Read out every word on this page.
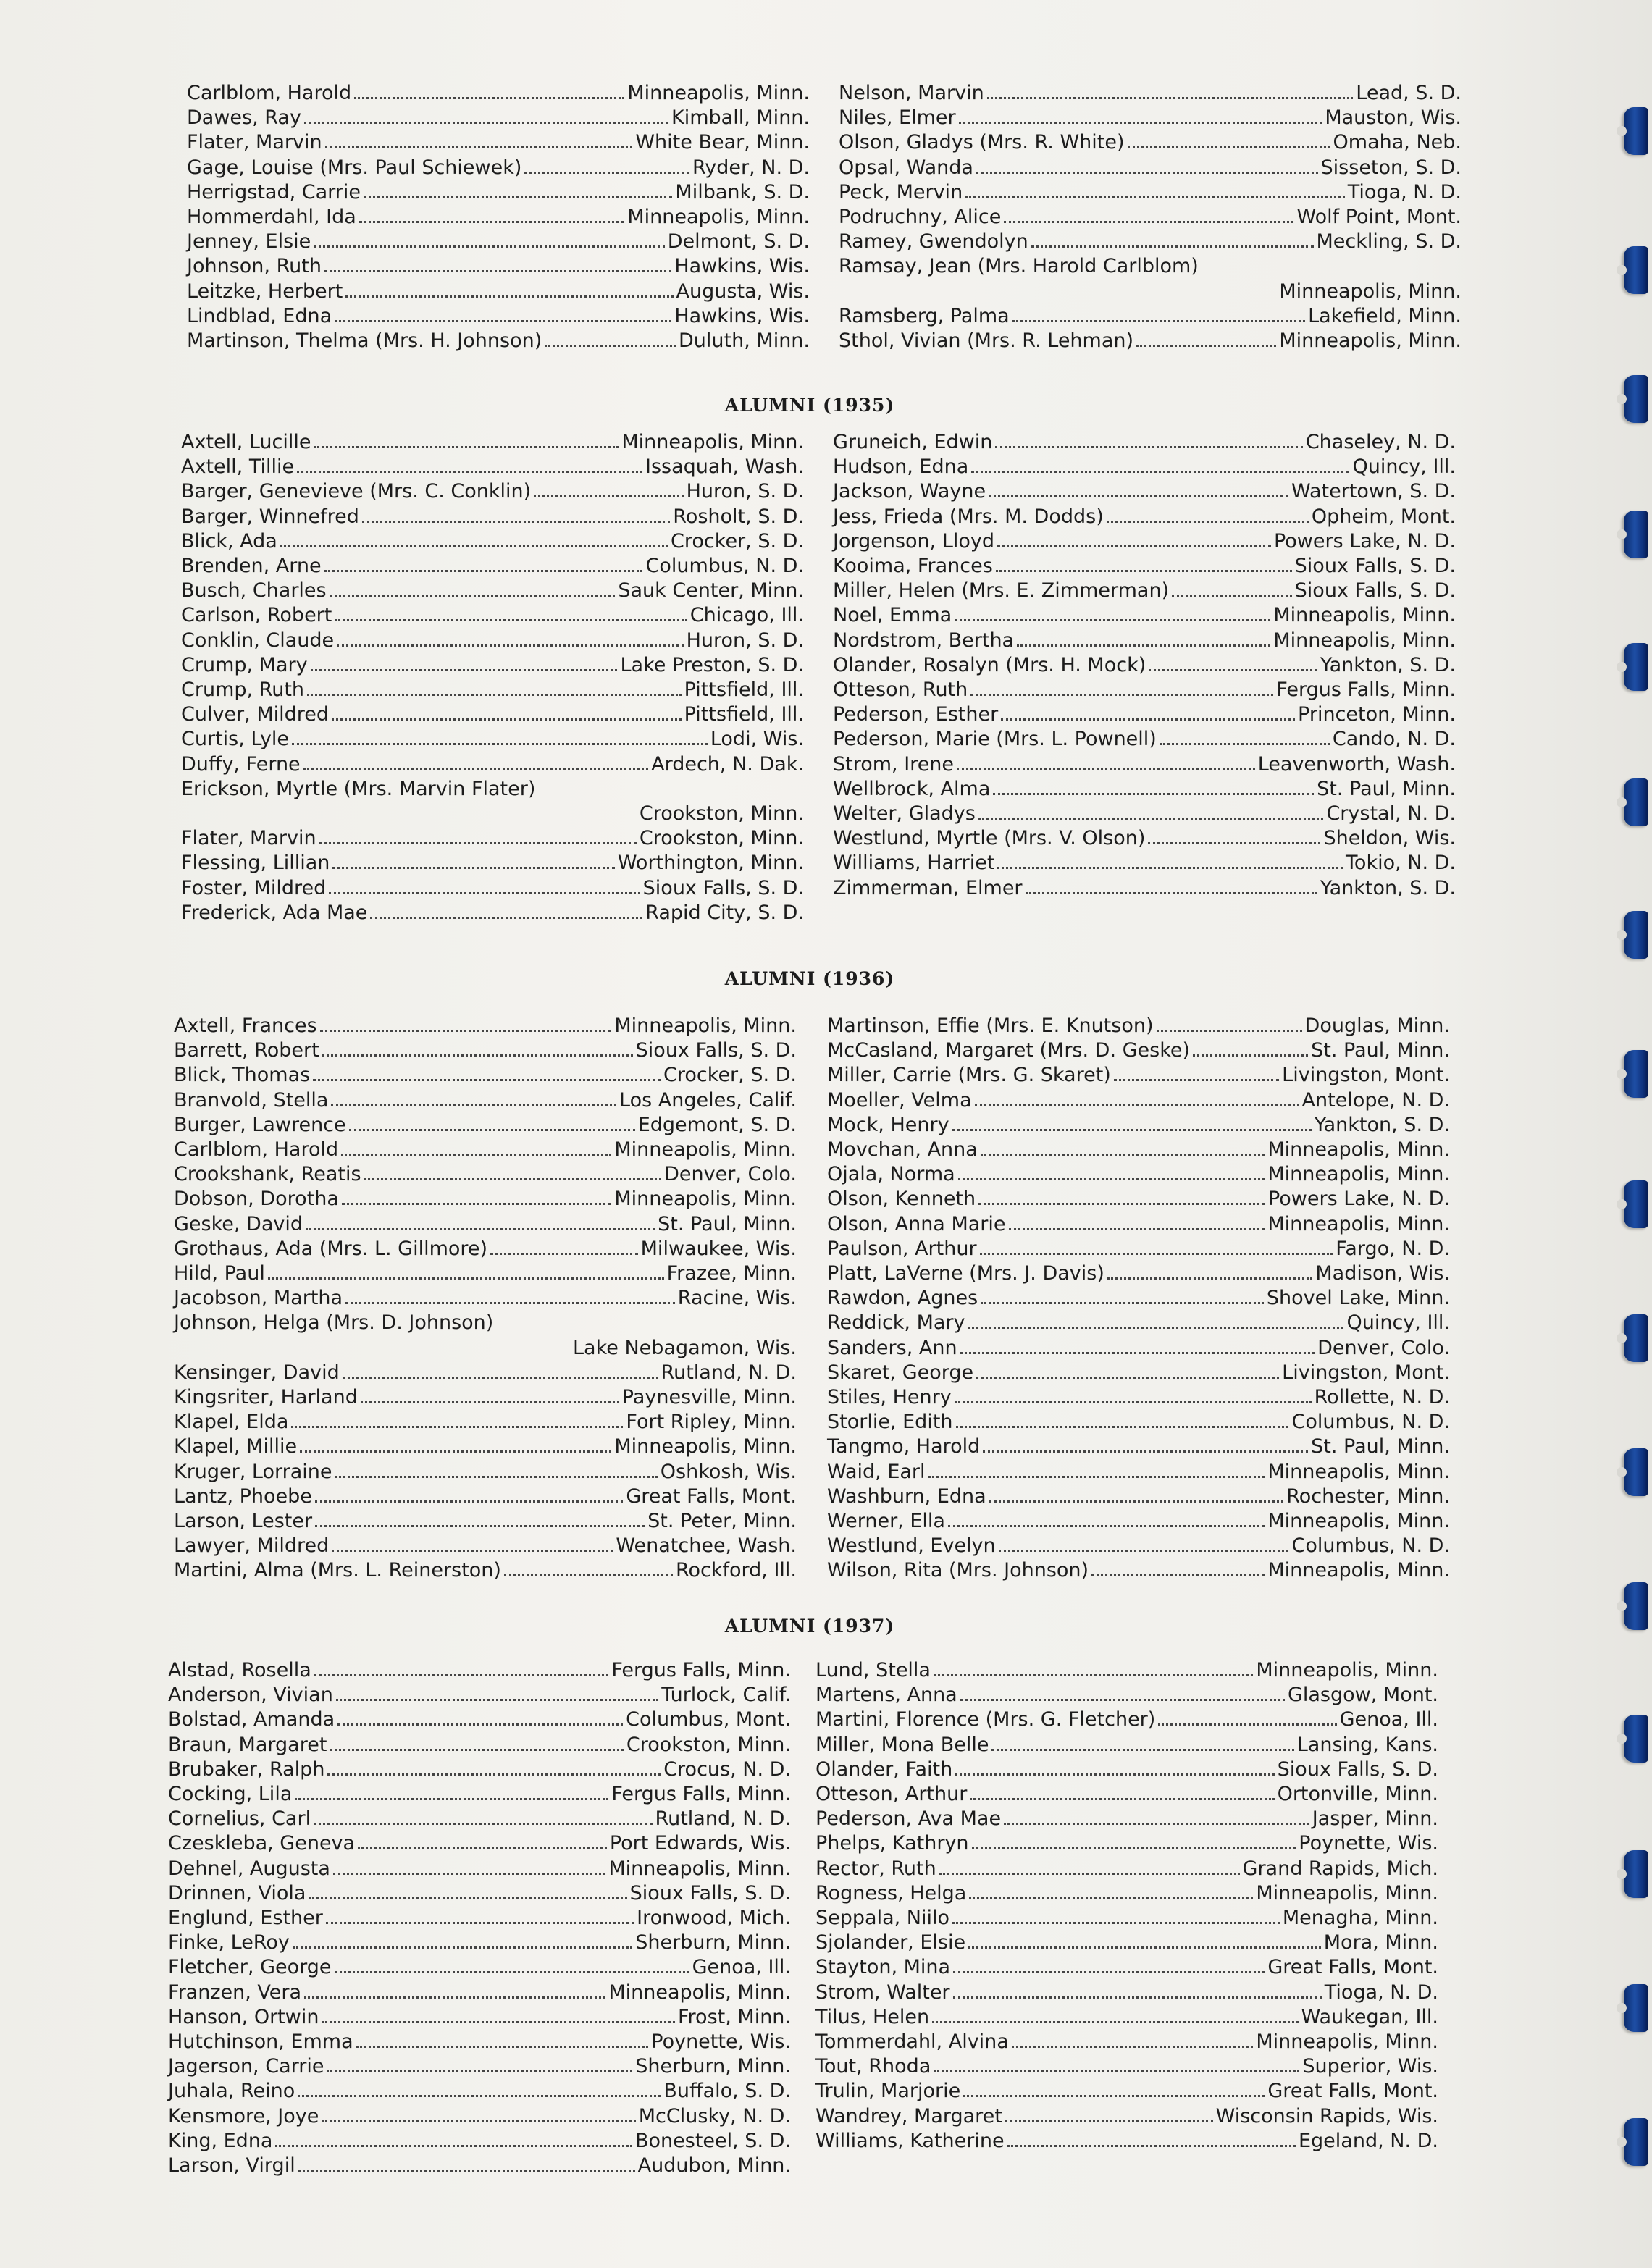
Carlblom, Harold	Minneapolis, Minn.
Dawes, Ray	Kimball, Minn.
Flater, Marvin	White Bear, Minn.
Gage, Louise (Mrs. Paul Schiewek)	Ryder, N. D.
Herrigstad, Carrie	Milbank, S. D.
Hommerdahl, Ida	Minneapolis, Minn.
Jenney, Elsie	Delmont, S. D.
Johnson, Ruth	Hawkins, Wis.
Leitzke, Herbert	Augusta, Wis.
Lindblad, Edna	Hawkins, Wis.
Martinson, Thelma (Mrs. H. Johnson)	Duluth, Minn.
Nelson, Marvin	Lead, S. D.
Niles, Elmer	Mauston, Wis.
Olson, Gladys (Mrs. R. White)	Omaha, Neb.
Opsal, Wanda	Sisseton, S. D.
Peck, Mervin	Tioga, N. D.
Podruchny, Alice	Wolf Point, Mont.
Ramey, Gwendolyn	Meckling, S. D.
Ramsay, Jean (Mrs. Harold Carlblom)
Minneapolis, Minn.
Ramsberg, Palma	Lakefield, Minn.
Sthol, Vivian (Mrs. R. Lehman)	Minneapolis, Minn.
ALUMNI (1935)
Axtell, Lucille	Minneapolis, Minn.
Axtell, Tillie	Issaquah, Wash.
Barger, Genevieve (Mrs. C. Conklin)	Huron, S. D.
Barger, Winnefred	Rosholt, S. D.
Blick, Ada	Crocker, S. D.
Brenden, Arne	Columbus, N. D.
Busch, Charles	Sauk Center, Minn.
Carlson, Robert	Chicago, Ill.
Conklin, Claude	Huron, S. D.
Crump, Mary	Lake Preston, S. D.
Crump, Ruth	Pittsfield, Ill.
Culver, Mildred	Pittsfield, Ill.
Curtis, Lyle	Lodi, Wis.
Duffy, Ferne	Ardech, N. Dak.
Erickson, Myrtle (Mrs. Marvin Flater)
Crookston, Minn.
Flater, Marvin	Crookston, Minn.
Flessing, Lillian	Worthington, Minn.
Foster, Mildred	Sioux Falls, S. D.
Frederick, Ada Mae	Rapid City, S. D.
Gruneich, Edwin	Chaseley, N. D.
Hudson, Edna	Quincy, Ill.
Jackson, Wayne	Watertown, S. D.
Jess, Frieda (Mrs. M. Dodds)	Opheim, Mont.
Jorgenson, Lloyd	Powers Lake, N. D.
Kooima, Frances	Sioux Falls, S. D.
Miller, Helen (Mrs. E. Zimmerman)	Sioux Falls, S. D.
Noel, Emma	Minneapolis, Minn.
Nordstrom, Bertha	Minneapolis, Minn.
Olander, Rosalyn (Mrs. H. Mock)	Yankton, S. D.
Otteson, Ruth	Fergus Falls, Minn.
Pederson, Esther	Princeton, Minn.
Pederson, Marie (Mrs. L. Pownell)	Cando, N. D.
Strom, Irene	Leavenworth, Wash.
Wellbrock, Alma	St. Paul, Minn.
Welter, Gladys	Crystal, N. D.
Westlund, Myrtle (Mrs. V. Olson)	Sheldon, Wis.
Williams, Harriet	Tokio, N. D.
Zimmerman, Elmer	Yankton, S. D.
ALUMNI (1936)
Axtell, Frances	Minneapolis, Minn.
Barrett, Robert	Sioux Falls, S. D.
Blick, Thomas	Crocker, S. D.
Branvold, Stella	Los Angeles, Calif.
Burger, Lawrence	Edgemont, S. D.
Carlblom, Harold	Minneapolis, Minn.
Crookshank, Reatis	Denver, Colo.
Dobson, Dorotha	Minneapolis, Minn.
Geske, David	St. Paul, Minn.
Grothaus, Ada (Mrs. L. Gillmore)	Milwaukee, Wis.
Hild, Paul	Frazee, Minn.
Jacobson, Martha	Racine, Wis.
Johnson, Helga (Mrs. D. Johnson)
Lake Nebagamon, Wis.
Kensinger, David	Rutland, N. D.
Kingsriter, Harland	Paynesville, Minn.
Klapel, Elda	Fort Ripley, Minn.
Klapel, Millie	Minneapolis, Minn.
Kruger, Lorraine	Oshkosh, Wis.
Lantz, Phoebe	Great Falls, Mont.
Larson, Lester	St. Peter, Minn.
Lawyer, Mildred	Wenatchee, Wash.
Martini, Alma (Mrs. L. Reinerston)	Rockford, Ill.
Martinson, Effie (Mrs. E. Knutson)	Douglas, Minn.
McCasland, Margaret (Mrs. D. Geske)	St. Paul, Minn.
Miller, Carrie (Mrs. G. Skaret)	Livingston, Mont.
Moeller, Velma	Antelope, N. D.
Mock, Henry	Yankton, S. D.
Movchan, Anna	Minneapolis, Minn.
Ojala, Norma	Minneapolis, Minn.
Olson, Kenneth	Powers Lake, N. D.
Olson, Anna Marie	Minneapolis, Minn.
Paulson, Arthur	Fargo, N. D.
Platt, LaVerne (Mrs. J. Davis)	Madison, Wis.
Rawdon, Agnes	Shovel Lake, Minn.
Reddick, Mary	Quincy, Ill.
Sanders, Ann	Denver, Colo.
Skaret, George	Livingston, Mont.
Stiles, Henry	Rollette, N. D.
Storlie, Edith	Columbus, N. D.
Tangmo, Harold	St. Paul, Minn.
Waid, Earl	Minneapolis, Minn.
Washburn, Edna	Rochester, Minn.
Werner, Ella	Minneapolis, Minn.
Westlund, Evelyn	Columbus, N. D.
Wilson, Rita (Mrs. Johnson)	Minneapolis, Minn.
ALUMNI (1937)
Alstad, Rosella	Fergus Falls, Minn.
Anderson, Vivian	Turlock, Calif.
Bolstad, Amanda	Columbus, Mont.
Braun, Margaret	Crookston, Minn.
Brubaker, Ralph	Crocus, N. D.
Cocking, Lila	Fergus Falls, Minn.
Cornelius, Carl	Rutland, N. D.
Czeskleba, Geneva	Port Edwards, Wis.
Dehnel, Augusta	Minneapolis, Minn.
Drinnen, Viola	Sioux Falls, S. D.
Englund, Esther	Ironwood, Mich.
Finke, LeRoy	Sherburn, Minn.
Fletcher, George	Genoa, Ill.
Franzen, Vera	Minneapolis, Minn.
Hanson, Ortwin	Frost, Minn.
Hutchinson, Emma	Poynette, Wis.
Jagerson, Carrie	Sherburn, Minn.
Juhala, Reino	Buffalo, S. D.
Kensmore, Joye	McClusky, N. D.
King, Edna	Bonesteel, S. D.
Larson, Virgil	Audubon, Minn.
Lund, Stella	Minneapolis, Minn.
Martens, Anna	Glasgow, Mont.
Martini, Florence (Mrs. G. Fletcher)	Genoa, Ill.
Miller, Mona Belle	Lansing, Kans.
Olander, Faith	Sioux Falls, S. D.
Otteson, Arthur	Ortonville, Minn.
Pederson, Ava Mae	Jasper, Minn.
Phelps, Kathryn	Poynette, Wis.
Rector, Ruth	Grand Rapids, Mich.
Rogness, Helga	Minneapolis, Minn.
Seppala, Niilo	Menagha, Minn.
Sjolander, Elsie	Mora, Minn.
Stayton, Mina	Great Falls, Mont.
Strom, Walter	Tioga, N. D.
Tilus, Helen	Waukegan, Ill.
Tommerdahl, Alvina	Minneapolis, Minn.
Tout, Rhoda	Superior, Wis.
Trulin, Marjorie	Great Falls, Mont.
Wandrey, Margaret	Wisconsin Rapids, Wis.
Williams, Katherine	Egeland, N. D.
